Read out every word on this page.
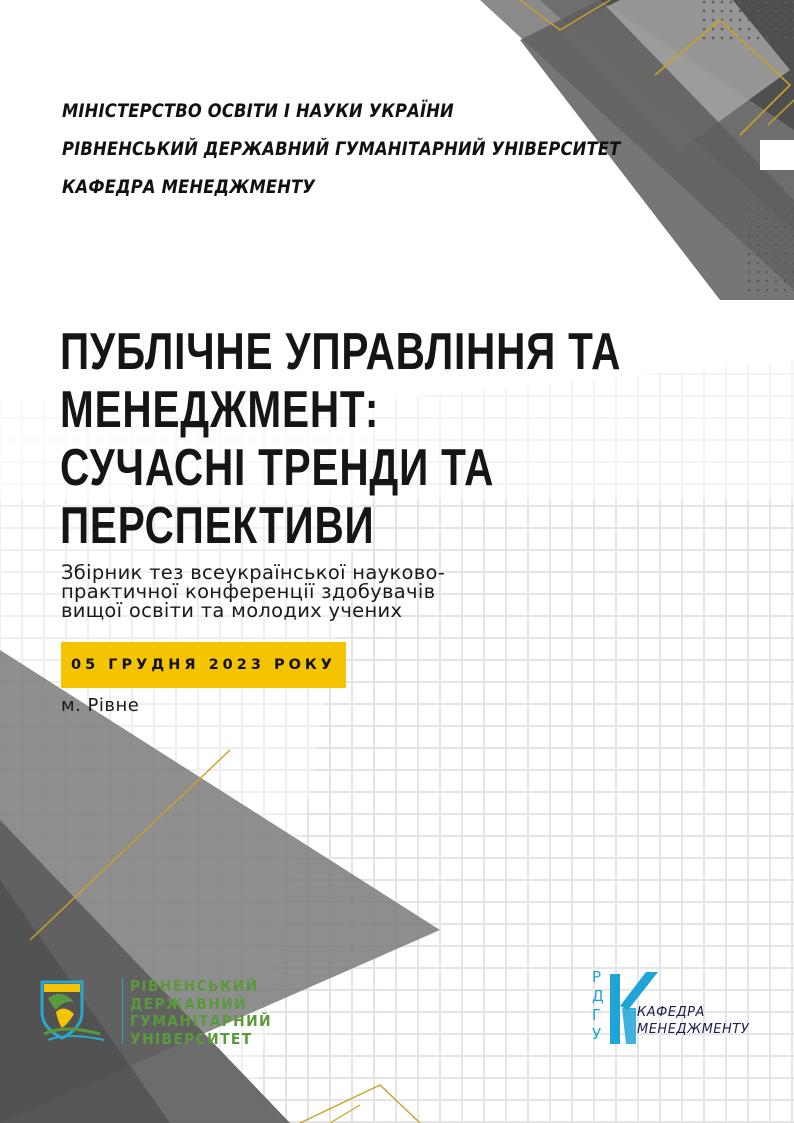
МІНІСТЕРСТВО ОСВІТИ І НАУКИ УКРАЇНИ
РІВНЕНСЬКИЙ ДЕРЖАВНИЙ ГУМАНІТАРНИЙ УНІВЕРСИТЕТ
КАФЕДРА МЕНЕДЖМЕНТУ
ПУБЛІЧНЕ УПРАВЛІННЯ ТА
МЕНЕДЖМЕНТ:
СУЧАСНІ ТРЕНДИ ТА
ПЕРСПЕКТИВИ
Збірник тез всеукраїнської науково-
практичної конференції здобувачів
вищої освіти та молодих учених
05 ГРУДНЯ 2023 РОКУ
м. Рівне
РІВНЕНСЬКИЙ
ДЕРЖАВНИЙ
ГУМАНІТАРНИЙ
УНІВЕРСИТЕТ
Р
Д
Г
У
КАФЕДРА
МЕНЕДЖМЕНТУ
